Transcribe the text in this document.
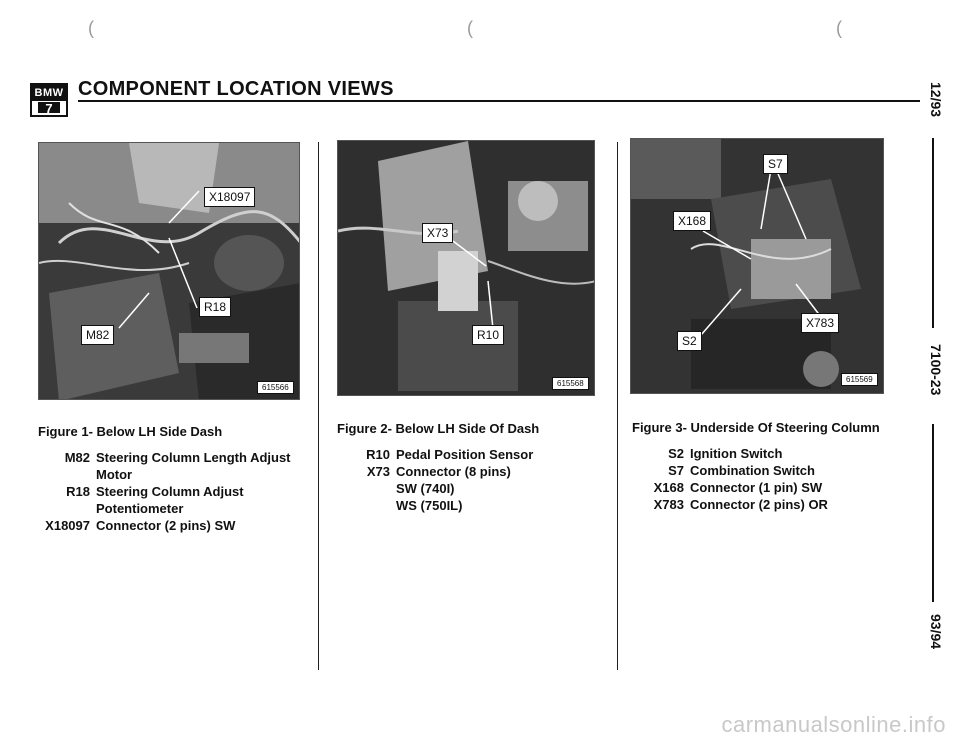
(	(	(
BMW
7
COMPONENT LOCATION VIEWS	12/93
7100-23
93/94
X18097
R18
M82
615566
X73
R10
615568
S7
X168
X783
S2
615569
Figure 1- Below LH Side Dash
M82 Steering Column Length Adjust
Motor
R18 Steering Column Adjust
Potentiometer
X18097 Connector (2 pins) SW
Figure 2- Below LH Side Of Dash
R10 Pedal Position Sensor
X73 Connector (8 pins)
SW (740I)
WS (750IL)
Figure 3- Underside Of Steering Column
S2 Ignition Switch
S7 Combination Switch
X168 Connector (1 pin) SW
X783 Connector (2 pins) OR
carmanualsonline.info
